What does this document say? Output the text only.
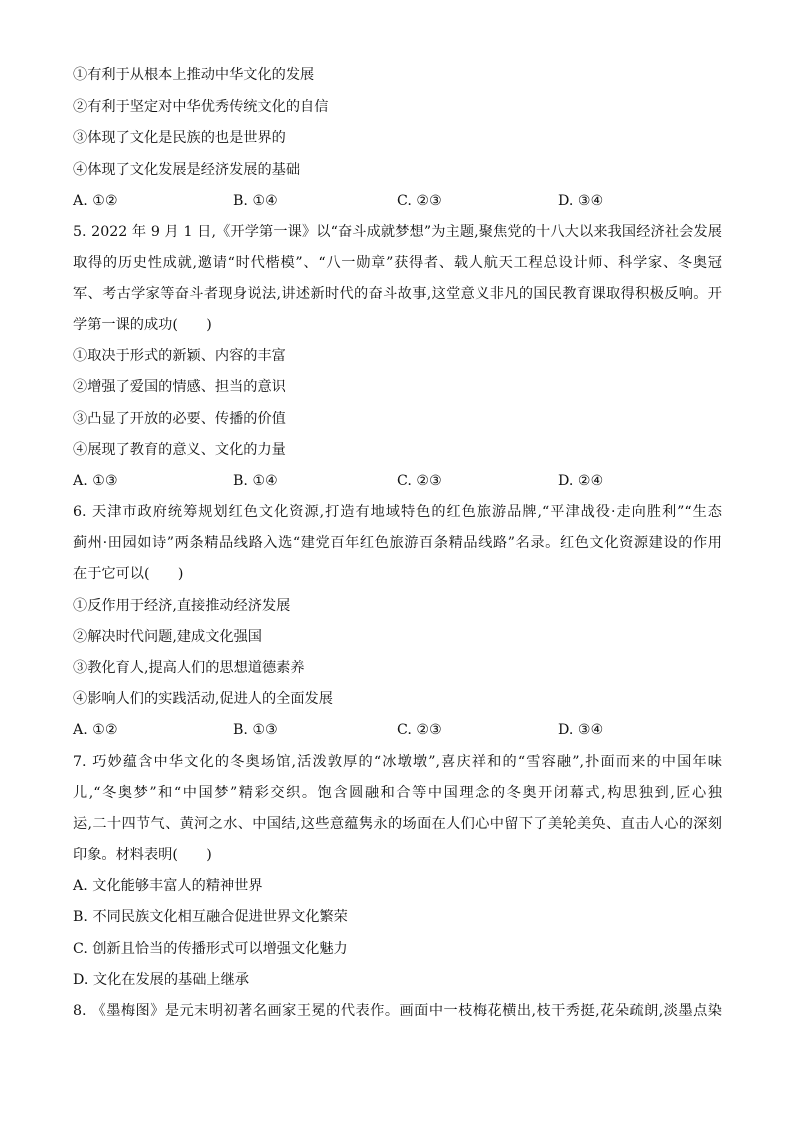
①有利于从根本上推动中华文化的发展
②有利于坚定对中华优秀传统文化的自信
③体现了文化是民族的也是世界的
④体现了文化发展是经济发展的基础
A. ①②	B. ①④	C. ②③	D. ③④
5. 2022 年 9 月 1 日,《开学第一课》以“奋斗成就梦想”为主题,聚焦党的十八大以来我国经济社会发展
取得的历史性成就,邀请“时代楷模”、“八一勋章”获得者、载人航天工程总设计师、科学家、冬奥冠
军、考古学家等奋斗者现身说法,讲述新时代的奋斗故事,这堂意义非凡的国民教育课取得积极反响。开
学第一课的成功(　　)
①取决于形式的新颖、内容的丰富
②增强了爱国的情感、担当的意识
③凸显了开放的必要、传播的价值
④展现了教育的意义、文化的力量
A. ①③	B. ①④	C. ②③	D. ②④
6. 天津市政府统筹规划红色文化资源,打造有地域特色的红色旅游品牌,“平津战役·走向胜利”“生态
蓟州·田园如诗”两条精品线路入选“建党百年红色旅游百条精品线路”名录。红色文化资源建设的作用
在于它可以(　　)
①反作用于经济,直接推动经济发展
②解决时代问题,建成文化强国
③教化育人,提高人们的思想道德素养
④影响人们的实践活动,促进人的全面发展
A. ①②	B. ①③	C. ②③	D. ③④
7. 巧妙蕴含中华文化的冬奥场馆,活泼敦厚的“冰墩墩”,喜庆祥和的“雪容融”,扑面而来的中国年味
儿,“冬奥梦”和“中国梦”精彩交织。饱含圆融和合等中国理念的冬奥开闭幕式,构思独到,匠心独
运,二十四节气、黄河之水、中国结,这些意蕴隽永的场面在人们心中留下了美轮美奂、直击人心的深刻
印象。材料表明(　　)
A. 文化能够丰富人的精神世界
B. 不同民族文化相互融合促进世界文化繁荣
C. 创新且恰当的传播形式可以增强文化魅力
D. 文化在发展的基础上继承
8. 《墨梅图》是元末明初著名画家王冕的代表作。画面中一枝梅花横出,枝干秀挺,花朵疏朗,淡墨点染
